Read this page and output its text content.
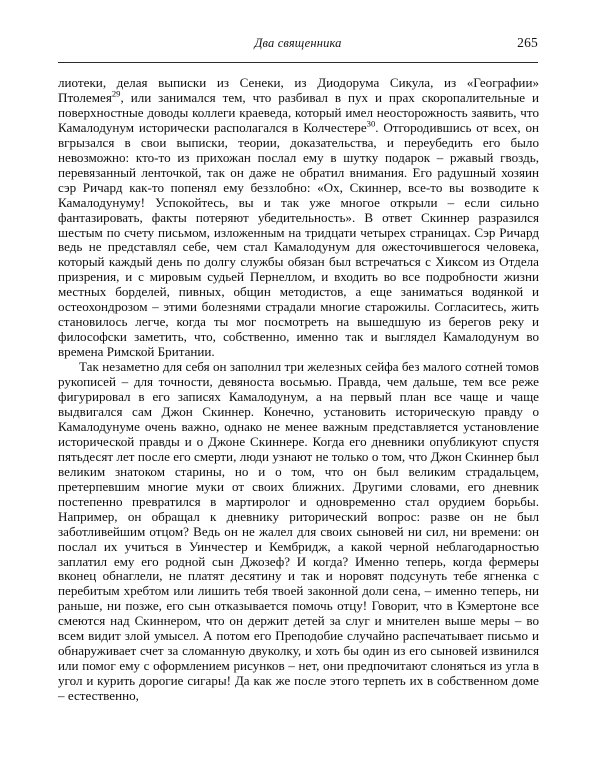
Два священника	265

лиотеки, делая выписки из Сенеки, из Диодорума Сикула, из «Географии» Птолемея$^{29}$, или занимался тем, что разбивал в пух и прах скоропалительные и поверхностные доводы коллеги краеведа, который имел неосторожность заявить, что Камалодунум исторически располагался в Колчестере$^{30}$. Отгородившись от всех, он вгрызался в свои выписки, теории, доказательства, и переубедить его было невозможно: кто-то из прихожан послал ему в шутку подарок – ржавый гвоздь, перевязанный ленточкой, так он даже не обратил внимания. Его радушный хозяин сэр Ричард как-то попенял ему беззлобно: «Ох, Скиннер, все-то вы возводите к Камалодунуму! Успокойтесь, вы и так уже многое открыли – если сильно фантазировать, факты потеряют убедительность». В ответ Скиннер разразился шестым по счету письмом, изложенным на тридцати четырех страницах. Сэр Ричард ведь не представлял себе, чем стал Камалодунум для ожесточившегося человека, который каждый день по долгу службы обязан был встречаться с Хиксом из Отдела призрения, и с мировым судьей Пернеллом, и входить во все подробности жизни местных борделей, пивных, общин методистов, а еще заниматься водянкой и остеохондрозом – этими болезнями страдали многие старожилы. Согласитесь, жить становилось легче, когда ты мог посмотреть на вышедшую из берегов реку и философски заметить, что, собственно, именно так и выглядел Камалодунум во времена Римской Британии.

Так незаметно для себя он заполнил три железных сейфа без малого сотней томов рукописей – для точности, девяноста восьмью. Правда, чем дальше, тем все реже фигурировал в его записях Камалодунум, а на первый план все чаще и чаще выдвигался сам Джон Скиннер. Конечно, установить историческую правду о Камалодунуме очень важно, однако не менее важным представляется установление исторической правды и о Джоне Скиннере. Когда его дневники опубликуют спустя пятьдесят лет после его смерти, люди узнают не только о том, что Джон Скиннер был великим знатоком старины, но и о том, что он был великим страдальцем, претерпевшим многие муки от своих ближних. Другими словами, его дневник постепенно превратился в мартиролог и одновременно стал орудием борьбы. Например, он обращал к дневнику риторический вопрос: разве он не был заботливейшим отцом? Ведь он не жалел для своих сыновей ни сил, ни времени: он послал их учиться в Уинчестер и Кембридж, а какой черной неблагодарностью заплатил ему его родной сын Джозеф? И когда? Именно теперь, когда фермеры вконец обнаглели, не платят десятину и так и норовят подсунуть тебе ягненка с перебитым хребтом или лишить тебя твоей законной доли сена, – именно теперь, ни раньше, ни позже, его сын отказывается помочь отцу! Говорит, что в Кэмертоне все смеются над Скиннером, что он держит детей за слуг и мнителен выше меры – во всем видит злой умысел. А потом его Преподобие случайно распечатывает письмо и обнаруживает счет за сломанную двуколку, и хоть бы один из его сыновей извинился или помог ему с оформлением рисунков – нет, они предпочитают слоняться из угла в угол и курить дорогие сигары! Да как же после этого терпеть их в собственном доме – естественно,
